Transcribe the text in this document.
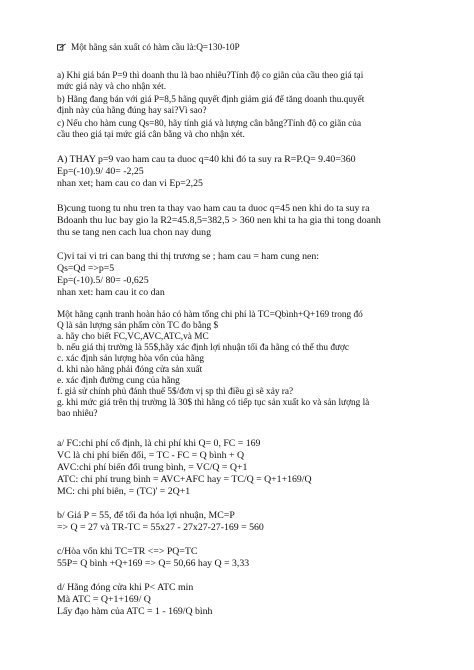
Một hãng sản xuất có hàm cầu là:Q=130-10P
a) Khi giá bán P=9 thì doanh thu là bao nhiêu?Tính độ co giãn của cầu theo giá tại
mức giá này và cho nhận xét.
b) Hãng đang bán với giá P=8,5 hãng quyết định giảm giá để tăng doanh thu.quyết
định này của hãng đúng hay sai?Vì sao?
c) Nếu cho hàm cung Qs=80, hãy tính giá và lượng cân bằng?Tính độ co giãn của
cầu theo giá tại mức giá cân bằng và cho nhận xét.
A) THAY p=9 vao ham cau ta duoc q=40 khi đó ta suy ra R=P.Q= 9.40=360
Ep=(-10).9/ 40= -2,25
nhan xet; ham cau co dan vi Ep=2,25
B)cung tuong tu nhu tren ta thay vao ham cau ta duoc q=45 nen khi do ta suy ra
Bdoanh thu luc bay gio la R2=45.8,5=382,5 > 360 nen khi ta ha gia thi tong doanh
thu se tang nen cach lua chon nay dung
C)vi tai vi tri can bang thi thị trương se ; ham cau = ham cung nen:
Qs=Qd =>p=5
Ep=(-10).5/ 80= -0,625
nhan xet: ham cau it co dan
Một hãng cạnh tranh hoàn hảo có hàm tổng chi phí là TC=Qbình+Q+169 trong đó
Q là sản lượng sản phẩm còn TC đo bằng $
a. hãy cho biết FC,VC,AVC,ATC,và MC
b. nếu giá thị trường là 55$,hãy xác định lợi nhuận tối đa hãng có thể thu được
c. xác định sản lượng hòa vốn của hãng
d. khi nào hãng phải đóng cửa sản xuất
e. xác định đường cung của hãng
f. giả sử chính phủ đánh thuế 5$/đơn vị sp thì điều gì sẽ xảy ra?
g. khi mức giá trên thị trường là 30$ thì hãng có tiếp tục sản xuất ko và sản lượng là
bao nhiêu?
a/ FC:chi phí cố định, là chi phí khi Q= 0, FC = 169
VC là chi phí biến đổi, = TC - FC = Q bình + Q
AVC:chi phí biến đổi trung bình, = VC/Q = Q+1
ATC: chi phí trung bình = AVC+AFC hay = TC/Q = Q+1+169/Q
MC: chi phí biên, = (TC)' = 2Q+1
b/ Giá P = 55, để tối đa hóa lợi nhuận, MC=P
=> Q = 27 và TR-TC = 55x27 - 27x27-27-169 = 560
c/Hòa vốn khi TC=TR <=> PQ=TC
55P= Q bình +Q+169 => Q= 50,66 hay Q = 3,33
d/ Hãng đóng cửa khi P< ATC min
Mà ATC = Q+1+169/ Q
Lấy đạo hàm của ATC = 1 - 169/Q bình
